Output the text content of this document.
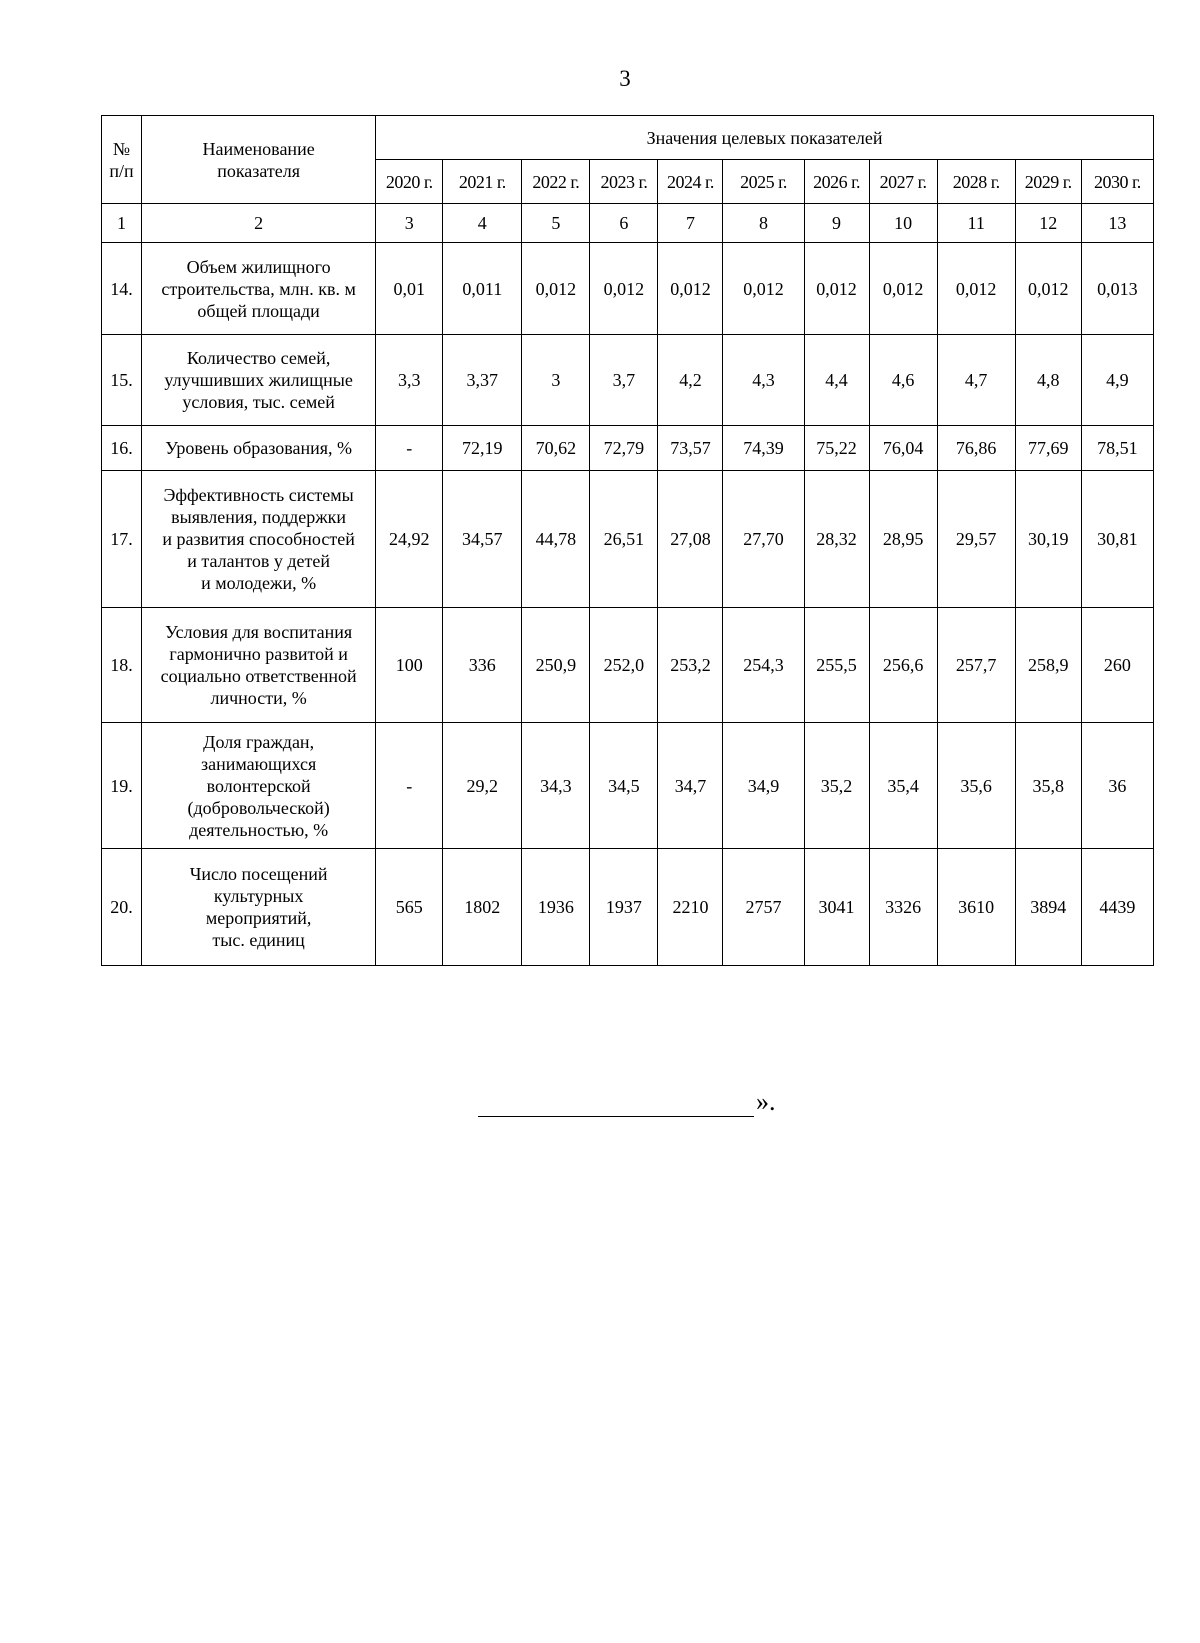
3
№
п/п	Наименование
показателя	Значения целевых показателей										
		2020 г.	2021 г.	2022 г.	2023 г.	2024 г.	2025 г.	2026 г.	2027 г.	2028 г.	2029 г.	2030 г.
1	2	3	4	5	6	7	8	9	10	11	12	13
14.	Объем жилищного
строительства, млн. кв. м
общей площади	0,01	0,011	0,012	0,012	0,012	0,012	0,012	0,012	0,012	0,012	0,013
15.	Количество семей,
улучшивших жилищные
условия, тыс. семей	3,3	3,37	3	3,7	4,2	4,3	4,4	4,6	4,7	4,8	4,9
16.	Уровень образования, %	-	72,19	70,62	72,79	73,57	74,39	75,22	76,04	76,86	77,69	78,51
17.	Эффективность системы
выявления, поддержки
и развития способностей
и талантов у детей
и молодежи, %	24,92	34,57	44,78	26,51	27,08	27,70	28,32	28,95	29,57	30,19	30,81
18.	Условия для воспитания
гармонично развитой и
социально ответственной
личности, %	100	336	250,9	252,0	253,2	254,3	255,5	256,6	257,7	258,9	260
19.	Доля граждан,
занимающихся
волонтерской
(добровольческой)
деятельностью, %	-	29,2	34,3	34,5	34,7	34,9	35,2	35,4	35,6	35,8	36
20.	Число посещений
культурных
мероприятий,
тыс. единиц	565	1802	1936	1937	2210	2757	3041	3326	3610	3894	4439
».
